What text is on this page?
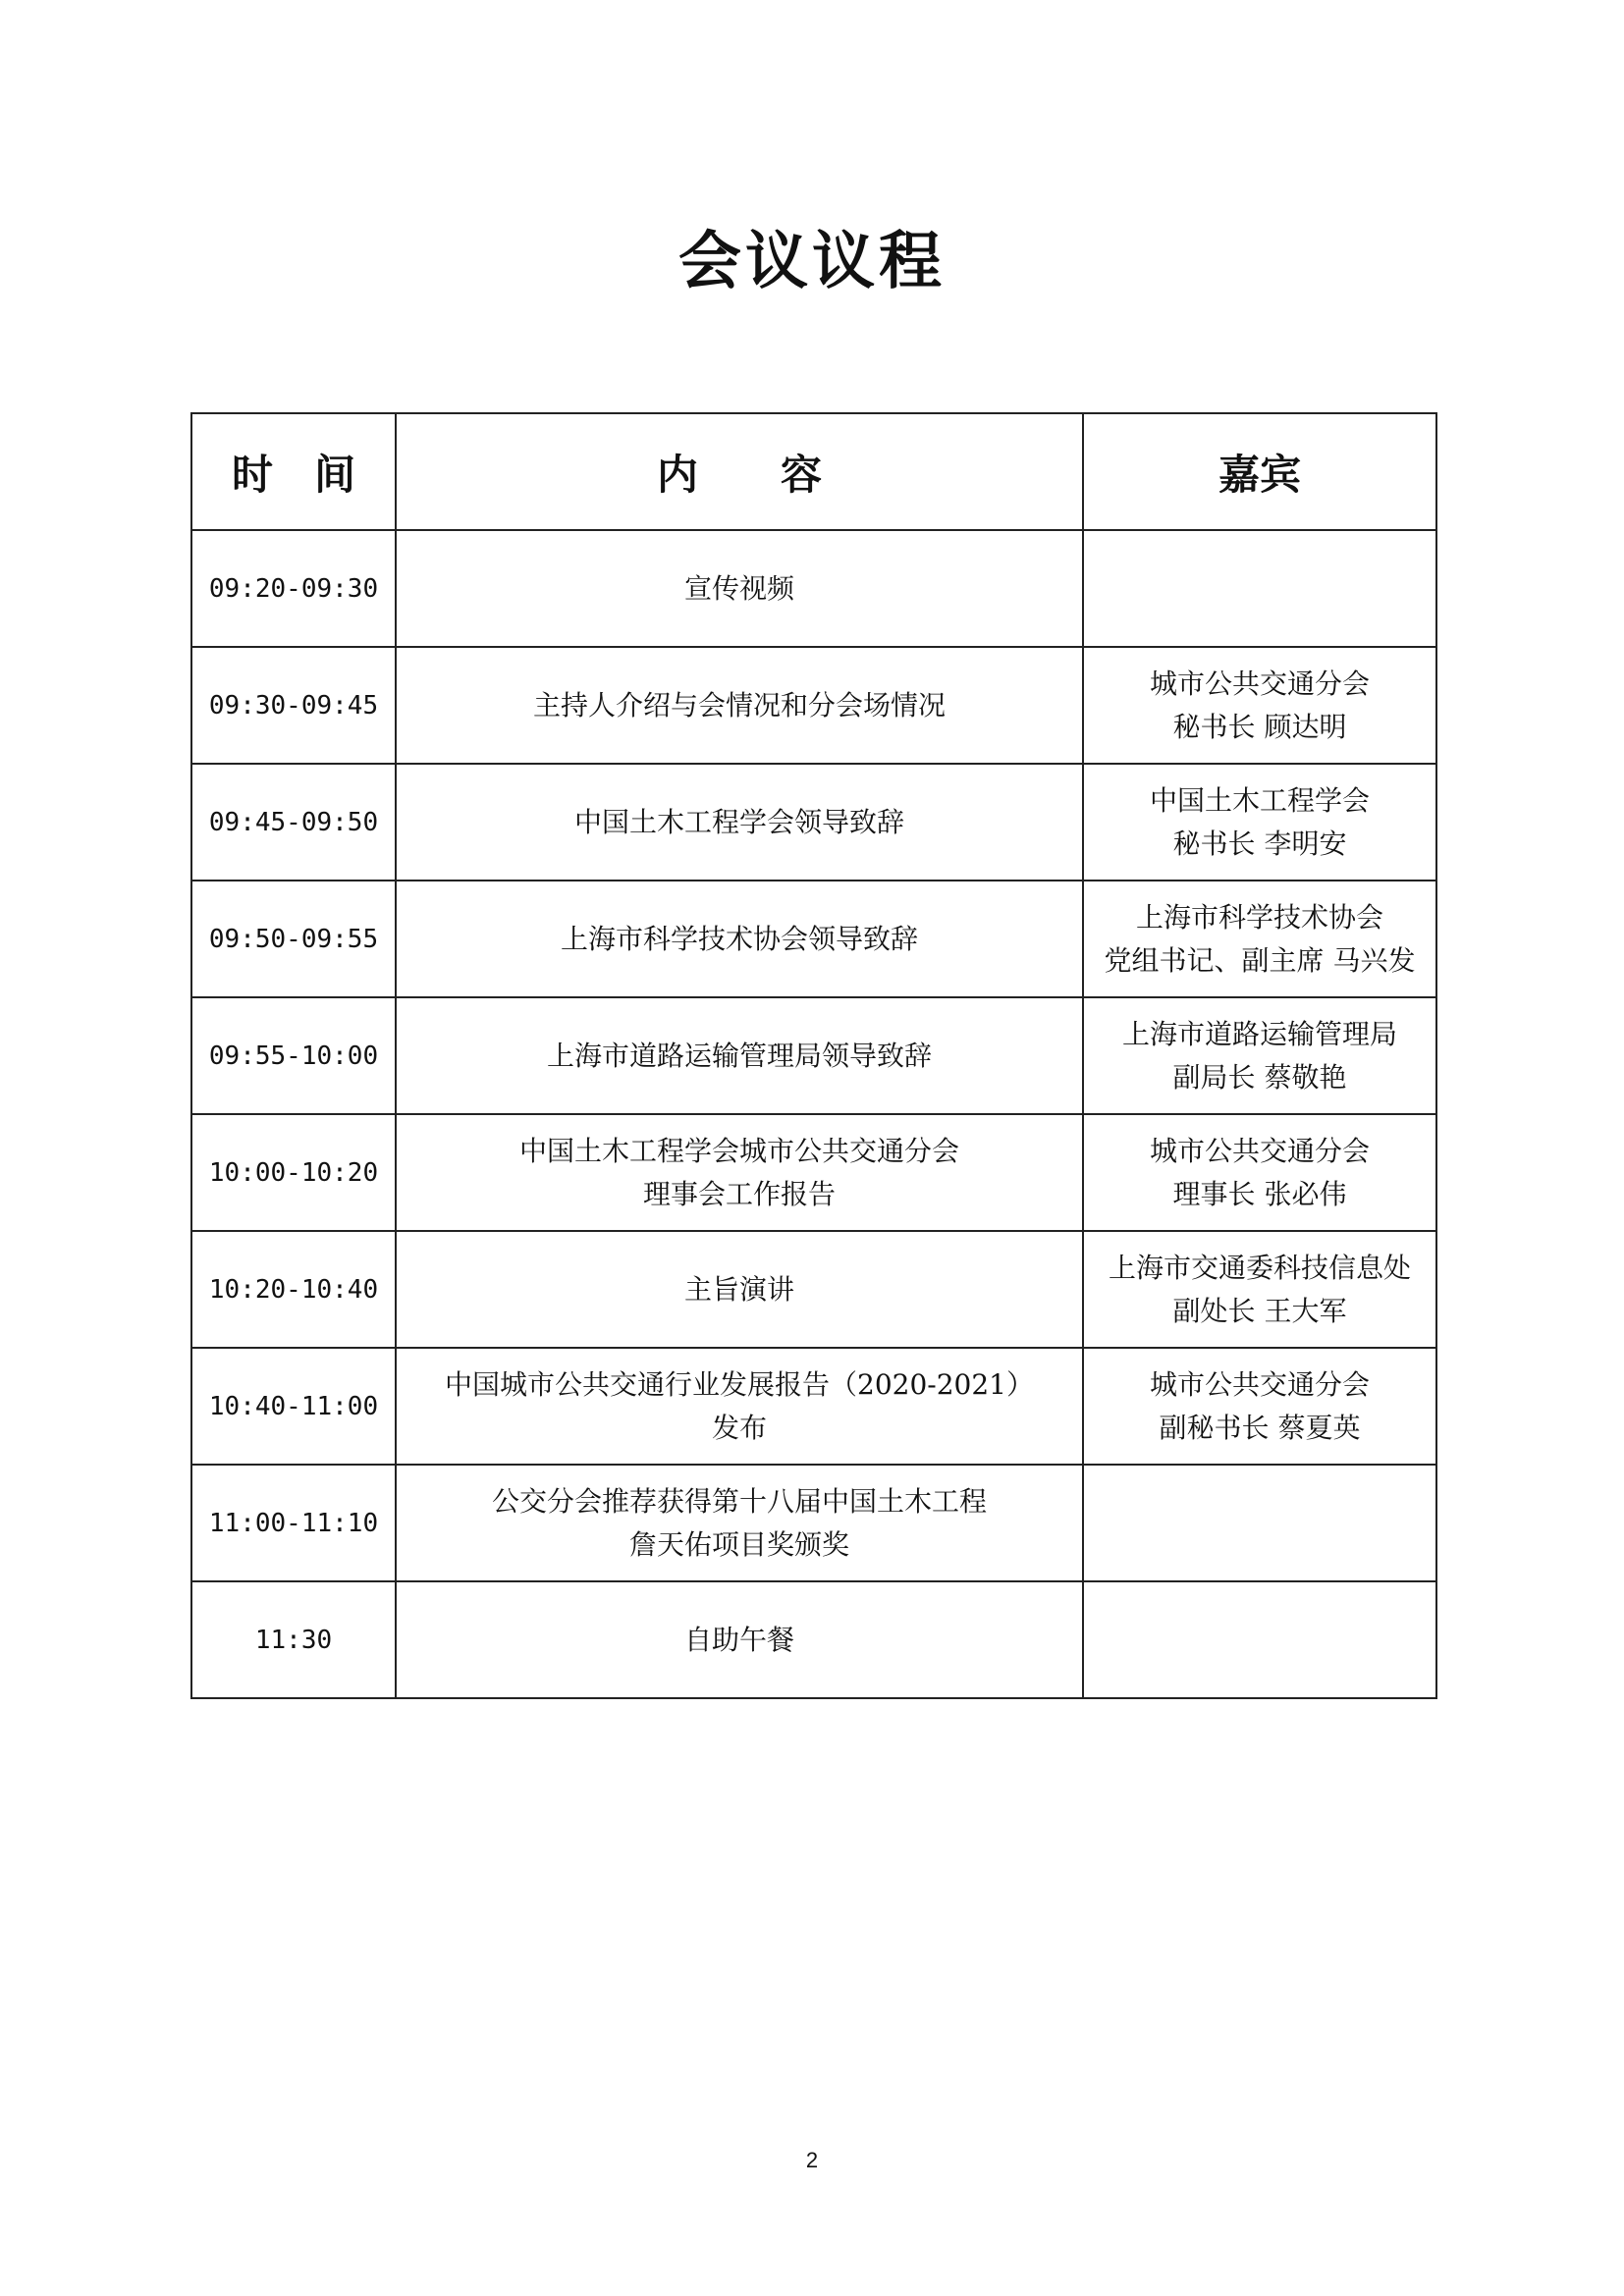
会议议程
时　间	内　　容	嘉宾
09:20-09:30	宣传视频	

09:30-09:45	主持人介绍与会情况和分会场情况	城市公共交通分会
秘书长 顾达明

09:45-09:50	中国土木工程学会领导致辞	中国土木工程学会
秘书长 李明安

09:50-09:55	上海市科学技术协会领导致辞	上海市科学技术协会
党组书记、副主席 马兴发

09:55-10:00	上海市道路运输管理局领导致辞	上海市道路运输管理局
副局长 蔡敬艳

10:00-10:20	中国土木工程学会城市公共交通分会
理事会工作报告	城市公共交通分会
理事长 张必伟

10:20-10:40	主旨演讲	上海市交通委科技信息处
副处长 王大军

10:40-11:00	中国城市公共交通行业发展报告（2020-2021）
发布	城市公共交通分会
副秘书长 蔡夏英

11:00-11:10	公交分会推荐获得第十八届中国土木工程
詹天佑项目奖颁奖	

11:30	自助午餐	

2
